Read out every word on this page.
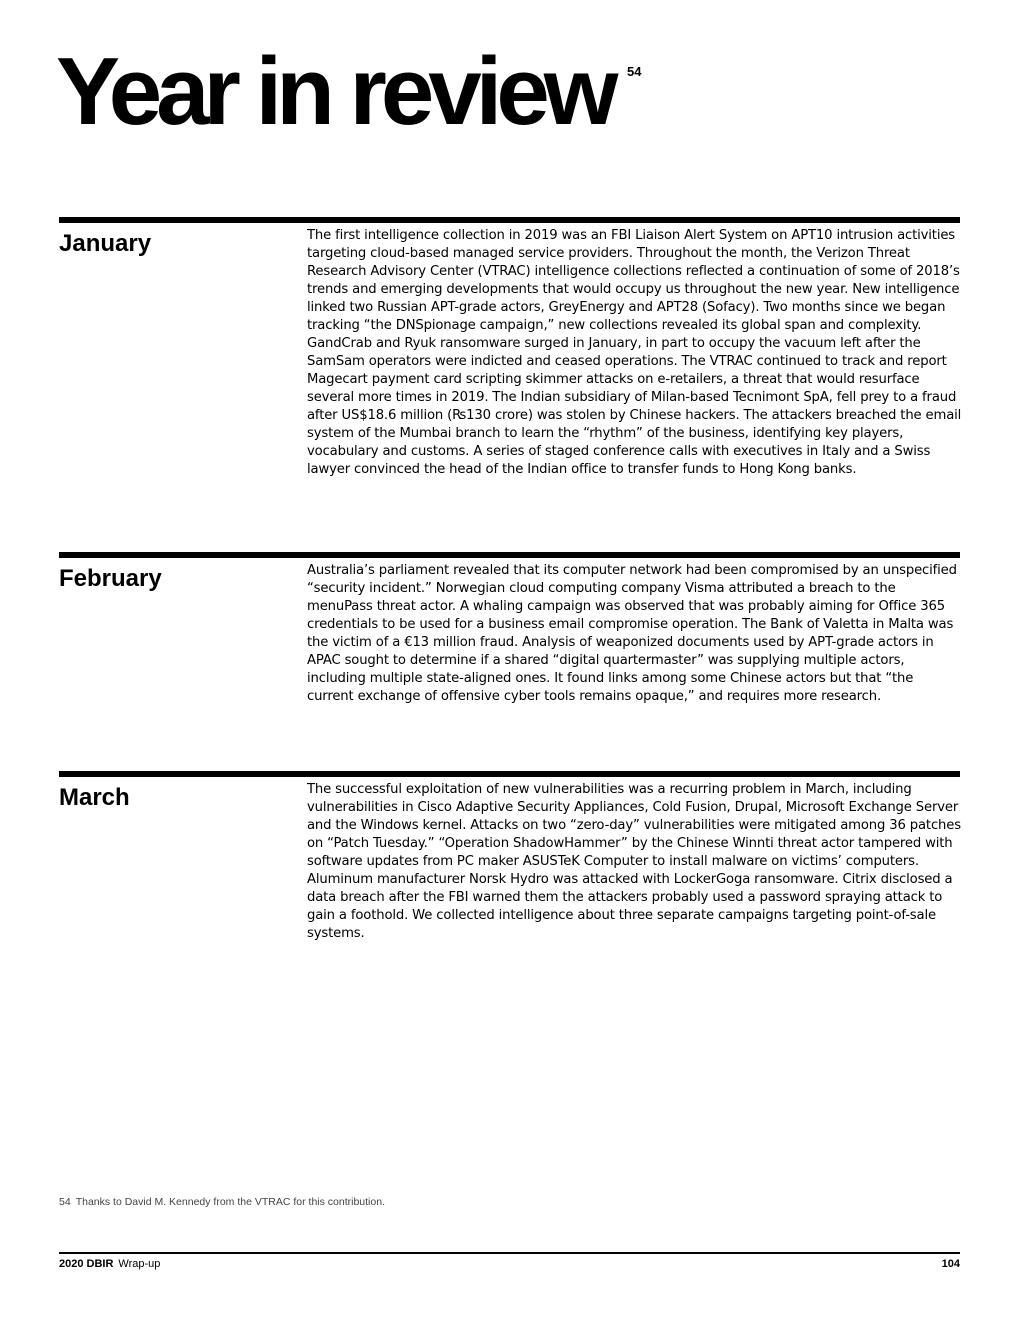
Year in review 54
January	The first intelligence collection in 2019 was an FBI Liaison Alert System on APT10 intrusion activities targeting cloud-based managed service providers. Throughout the month, the Verizon Threat Research Advisory Center (VTRAC) intelligence collections reflected a continuation of some of 2018’s trends and emerging developments that would occupy us throughout the new year. New intelligence linked two Russian APT-grade actors, GreyEnergy and APT28 (Sofacy). Two months since we began tracking “the DNSpionage campaign,” new collections revealed its global span and complexity. GandCrab and Ryuk ransomware surged in January, in part to occupy the vacuum left after the SamSam operators were indicted and ceased operations. The VTRAC continued to track and report Magecart payment card scripting skimmer attacks on e-retailers, a threat that would resurface several more times in 2019. The Indian subsidiary of Milan-based Tecnimont SpA, fell prey to a fraud after US$18.6 million (₨130 crore) was stolen by Chinese hackers. The attackers breached the email system of the Mumbai branch to learn the “rhythm” of the business, identifying key players, vocabulary and customs. A series of staged conference calls with executives in Italy and a Swiss lawyer convinced the head of the Indian office to transfer funds to Hong Kong banks.

February	Australia’s parliament revealed that its computer network had been compromised by an unspecified “security incident.” Norwegian cloud computing company Visma attributed a breach to the menuPass threat actor. A whaling campaign was observed that was probably aiming for Office 365 credentials to be used for a business email compromise operation. The Bank of Valetta in Malta was the victim of a €13 million fraud. Analysis of weaponized documents used by APT-grade actors in APAC sought to determine if a shared “digital quartermaster” was supplying multiple actors, including multiple state-aligned ones. It found links among some Chinese actors but that “the current exchange of offensive cyber tools remains opaque,” and requires more research.

March	The successful exploitation of new vulnerabilities was a recurring problem in March, including vulnerabilities in Cisco Adaptive Security Appliances, Cold Fusion, Drupal, Microsoft Exchange Server and the Windows kernel. Attacks on two “zero-day” vulnerabilities were mitigated among 36 patches on “Patch Tuesday.” “Operation ShadowHammer” by the Chinese Winnti threat actor tampered with software updates from PC maker ASUSTeK Computer to install malware on victims’ computers. Aluminum manufacturer Norsk Hydro was attacked with LockerGoga ransomware. Citrix disclosed a data breach after the FBI warned them the attackers probably used a password spraying attack to gain a foothold. We collected intelligence about three separate campaigns targeting point-of-sale systems.

54 Thanks to David M. Kennedy from the VTRAC for this contribution.
2020 DBIR Wrap-up	104
